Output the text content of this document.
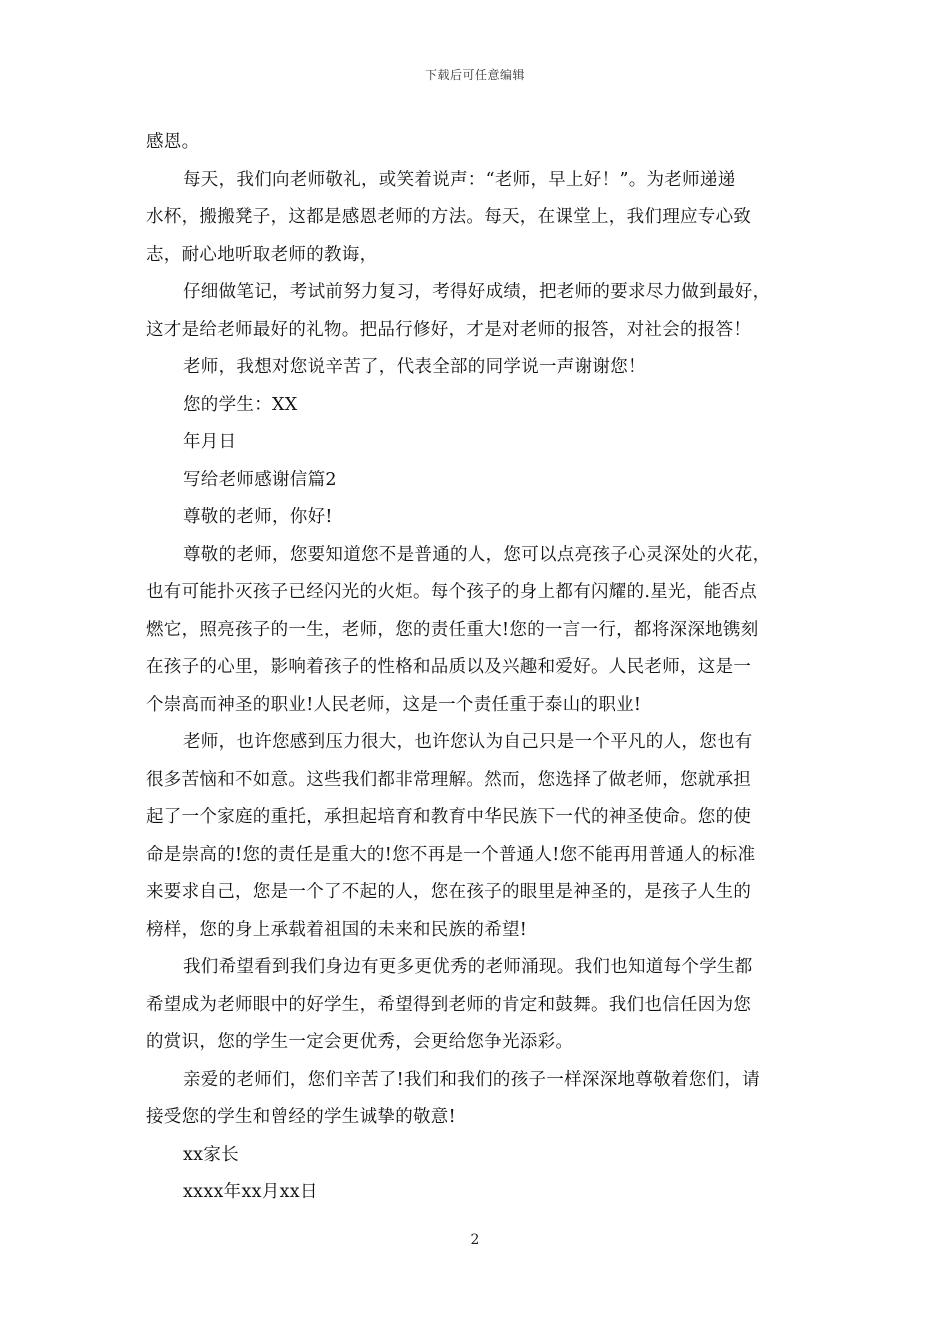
下载后可任意编辑
感恩。
每天，我们向老师敬礼，或笑着说声：“老师，早上好！”。为老师递递
水杯，搬搬凳子，这都是感恩老师的方法。每天，在课堂上，我们理应专心致
志，耐心地听取老师的教诲，
仔细做笔记，考试前努力复习，考得好成绩，把老师的要求尽力做到最好，
这才是给老师最好的礼物。把品行修好，才是对老师的报答，对社会的报答！
老师，我想对您说辛苦了，代表全部的同学说一声谢谢您！
您的学生：XX
年月日
写给老师感谢信篇2
尊敬的老师，你好!
尊敬的老师，您要知道您不是普通的人，您可以点亮孩子心灵深处的火花，
也有可能扑灭孩子已经闪光的火炬。每个孩子的身上都有闪耀的.星光，能否点
燃它，照亮孩子的一生，老师，您的责任重大!您的一言一行，都将深深地镌刻
在孩子的心里，影响着孩子的性格和品质以及兴趣和爱好。人民老师，这是一
个崇高而神圣的职业!人民老师，这是一个责任重于泰山的职业!
老师，也许您感到压力很大，也许您认为自己只是一个平凡的人，您也有
很多苦恼和不如意。这些我们都非常理解。然而，您选择了做老师，您就承担
起了一个家庭的重托，承担起培育和教育中华民族下一代的神圣使命。您的使
命是崇高的!您的责任是重大的!您不再是一个普通人!您不能再用普通人的标准
来要求自己，您是一个了不起的人，您在孩子的眼里是神圣的，是孩子人生的
榜样，您的身上承载着祖国的未来和民族的希望!
我们希望看到我们身边有更多更优秀的老师涌现。我们也知道每个学生都
希望成为老师眼中的好学生，希望得到老师的肯定和鼓舞。我们也信任因为您
的赏识，您的学生一定会更优秀，会更给您争光添彩。
亲爱的老师们，您们辛苦了!我们和我们的孩子一样深深地尊敬着您们，请
接受您的学生和曾经的学生诚挚的敬意!
xx家长
xxxx年xx月xx日
2
